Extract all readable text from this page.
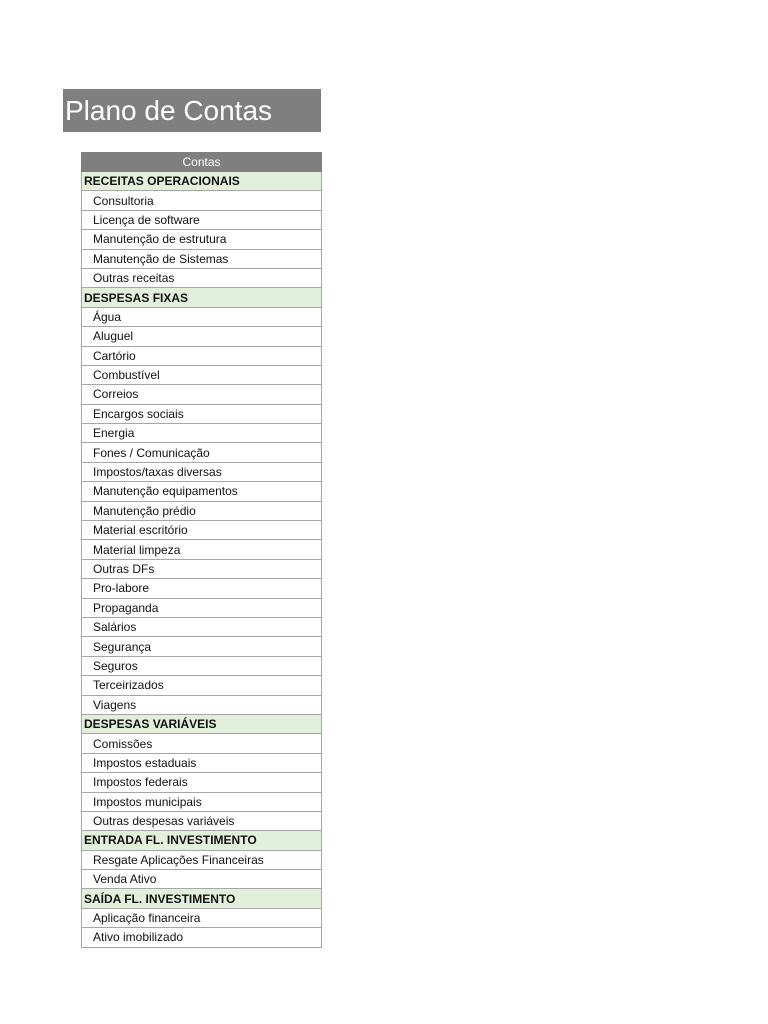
Plano de Contas
Contas
RECEITAS OPERACIONAIS
Consultoria
Licença de software
Manutenção de estrutura
Manutenção de Sistemas
Outras receitas
DESPESAS FIXAS
Água
Aluguel
Cartório
Combustível
Correios
Encargos sociais
Energia
Fones / Comunicação
Impostos/taxas diversas
Manutenção equipamentos
Manutenção prédio
Material escritório
Material limpeza
Outras DFs
Pro-labore
Propaganda
Salários
Segurança
Seguros
Terceirizados
Viagens
DESPESAS VARIÁVEIS
Comissões
Impostos estaduais
Impostos federais
Impostos municipais
Outras despesas variáveis
ENTRADA FL. INVESTIMENTO
Resgate Aplicações Financeiras
Venda Ativo
SAÍDA FL. INVESTIMENTO
Aplicação financeira
Ativo imobilizado
